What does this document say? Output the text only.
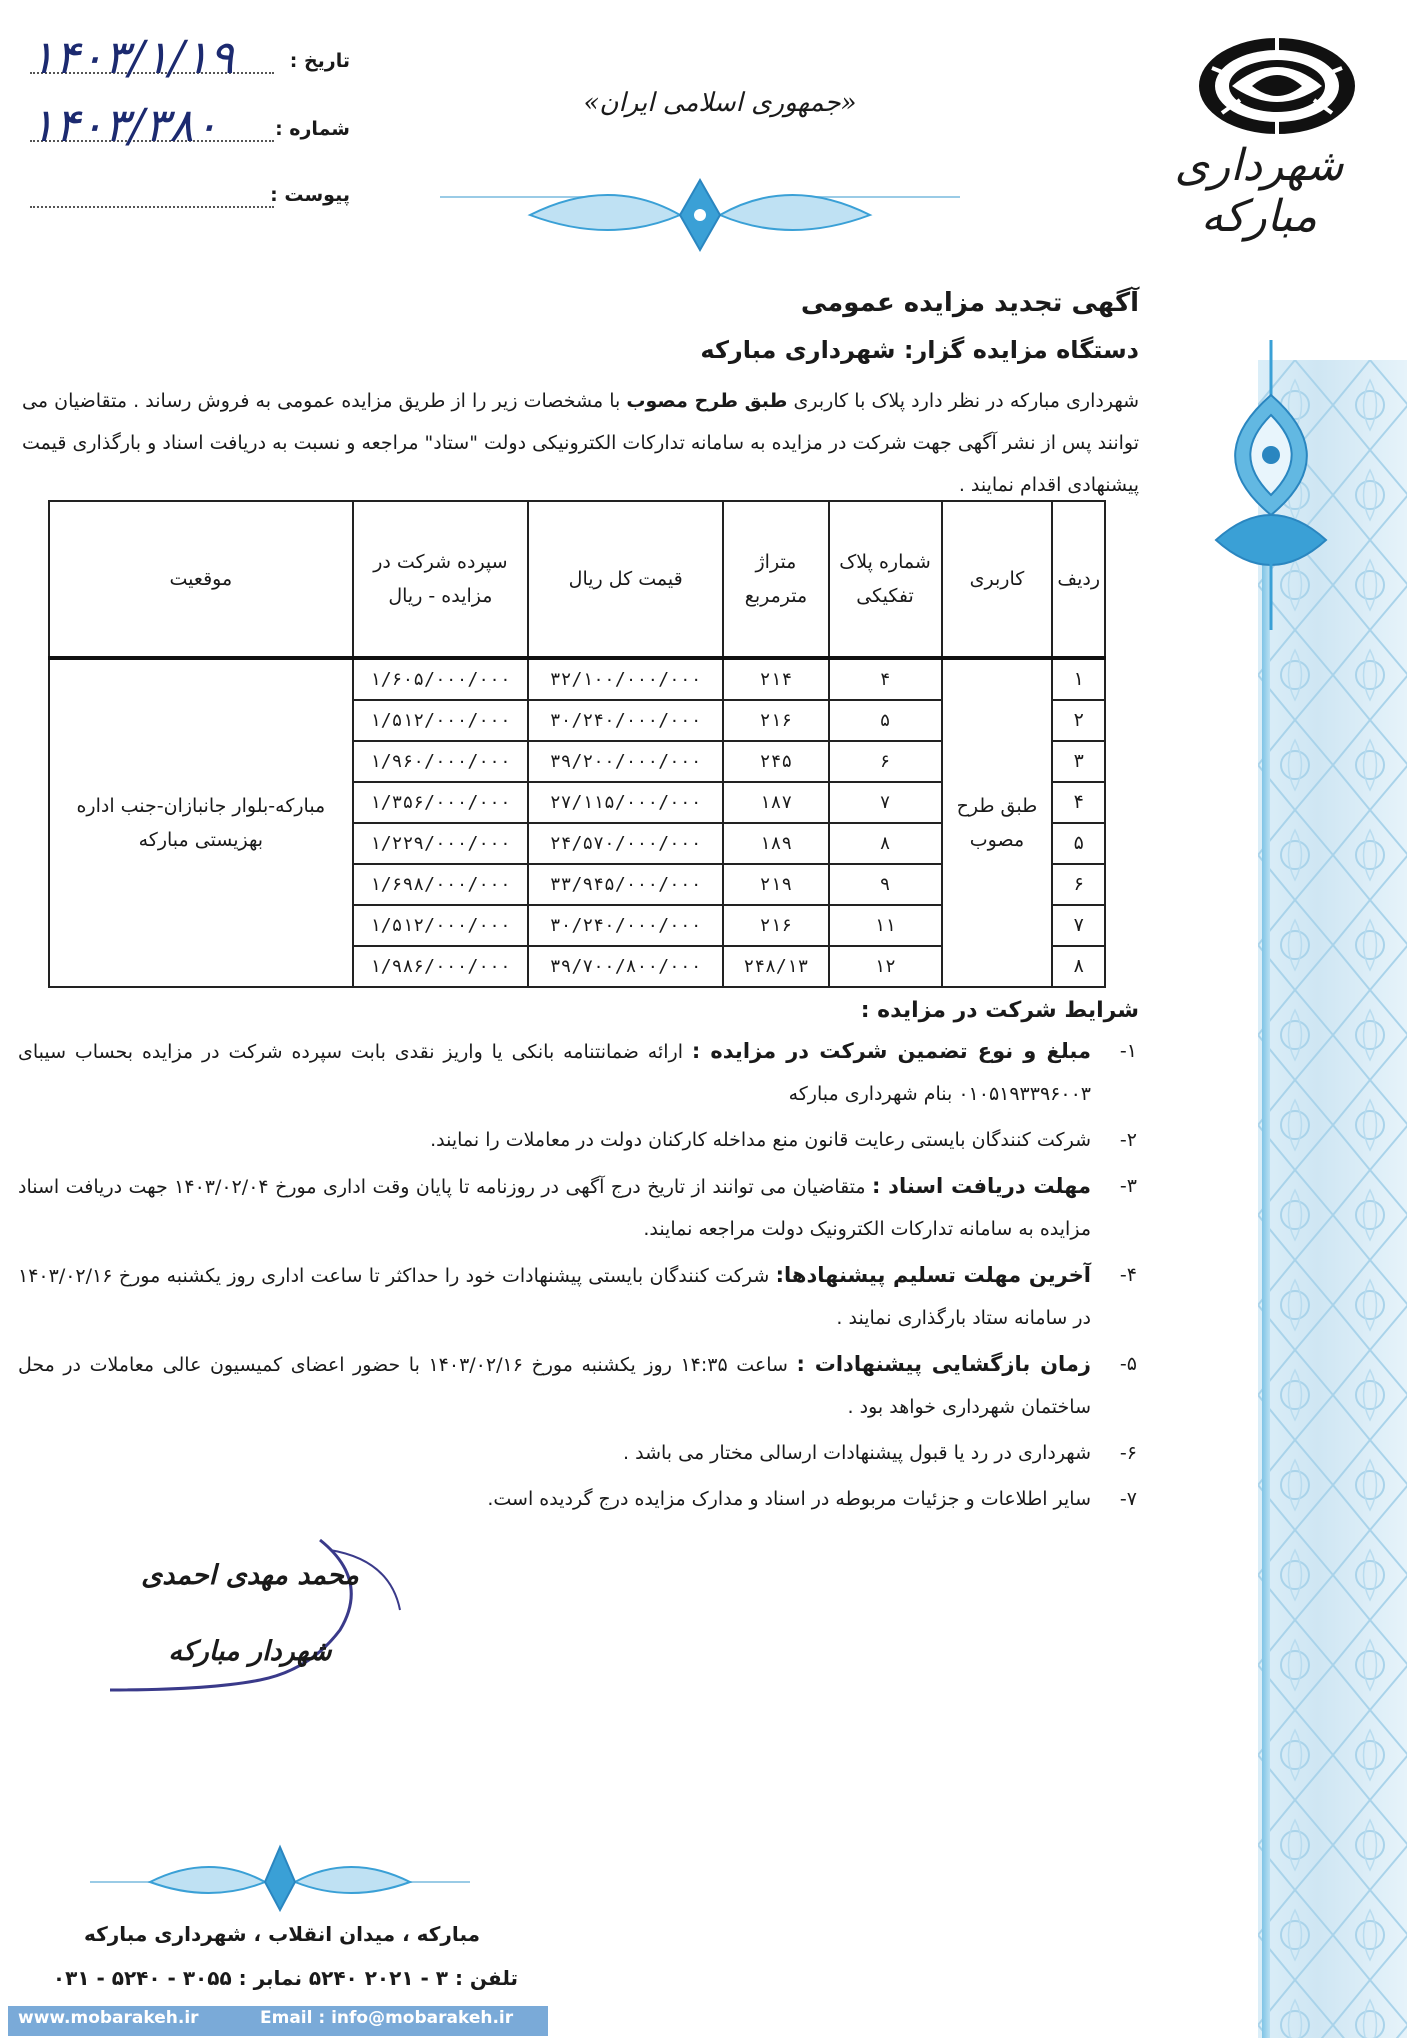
تاریخ :
۱۴۰۳/۱/۱۹
شماره :
۱۴۰۳/۳۸۰
پیوست :
«جمهوری اسلامی ایران»
شهرداری مبارکه
آگهی تجدید مزایده عمومی
دستگاه مزایده گزار: شهرداری مبارکه
شهرداری مبارکه در نظر دارد پلاک با کاربری طبق طرح مصوب با مشخصات زیر را از طریق مزایده عمومی به فروش رساند . متقاضیان می توانند پس از نشر آگهی جهت شرکت در مزایده به سامانه تدارکات الکترونیکی دولت "ستاد" مراجعه و نسبت به دریافت اسناد و بارگذاری قیمت پیشنهادی اقدام نمایند .
ردیف	کاربری	شماره پلاک تفکیکی	متراژ مترمربع	قیمت کل ریال	سپرده شرکت در مزایده - ریال	موقعیت
۱	طبق طرح مصوب	۴	۲۱۴	۳۲/۱۰۰/۰۰۰/۰۰۰	۱/۶۰۵/۰۰۰/۰۰۰	مبارکه-بلوار جانبازان-جنب اداره بهزیستی مبارکه
۲		۵	۲۱۶	۳۰/۲۴۰/۰۰۰/۰۰۰	۱/۵۱۲/۰۰۰/۰۰۰	
۳		۶	۲۴۵	۳۹/۲۰۰/۰۰۰/۰۰۰	۱/۹۶۰/۰۰۰/۰۰۰	
۴		۷	۱۸۷	۲۷/۱۱۵/۰۰۰/۰۰۰	۱/۳۵۶/۰۰۰/۰۰۰	
۵		۸	۱۸۹	۲۴/۵۷۰/۰۰۰/۰۰۰	۱/۲۲۹/۰۰۰/۰۰۰	
۶		۹	۲۱۹	۳۳/۹۴۵/۰۰۰/۰۰۰	۱/۶۹۸/۰۰۰/۰۰۰	
۷		۱۱	۲۱۶	۳۰/۲۴۰/۰۰۰/۰۰۰	۱/۵۱۲/۰۰۰/۰۰۰	
۸		۱۲	۲۴۸/۱۳	۳۹/۷۰۰/۸۰۰/۰۰۰	۱/۹۸۶/۰۰۰/۰۰۰	
شرایط شرکت در مزایده :
۱-
مبلغ و نوع تضمین شرکت در مزایده : ارائه ضمانتنامه بانکی یا واریز نقدی بابت سپرده شرکت در مزایده بحساب سیبای ۰۱۰۵۱۹۳۳۹۶۰۰۳ بنام شهرداری مبارکه
۲-
شرکت کنندگان بایستی رعایت قانون منع مداخله کارکنان دولت در معاملات را نمایند.
۳-
مهلت دریافت اسناد : متقاضیان می توانند از تاریخ درج آگهی در روزنامه تا پایان وقت اداری مورخ ۱۴۰۳/۰۲/۰۴ جهت دریافت اسناد مزایده به سامانه تدارکات الکترونیک دولت مراجعه نمایند.
۴-
آخرین مهلت تسلیم پیشنهادها: شرکت کنندگان بایستی پیشنهادات خود را حداکثر تا ساعت اداری روز یکشنبه مورخ ۱۴۰۳/۰۲/۱۶ در سامانه ستاد بارگذاری نمایند .
۵-
زمان بازگشایی پیشنهادات : ساعت ۱۴:۳۵ روز یکشنبه مورخ ۱۴۰۳/۰۲/۱۶ با حضور اعضای کمیسیون عالی معاملات در محل ساختمان شهرداری خواهد بود .
۶-
شهرداری در رد یا قبول پیشنهادات ارسالی مختار می باشد .
۷-
سایر اطلاعات و جزئیات مربوطه در اسناد و مدارک مزایده درج گردیده است.
محمد مهدی احمدی
شهردار مبارکه
مبارکه ، میدان انقلاب ، شهرداری مبارکه
تلفن : ۳ - ۲۰۲۱ ۵۲۴۰ نمابر : ۳۰۵۵ - ۵۲۴۰ - ۰۳۱
www.mobarakeh.ir	Email : info@mobarakeh.ir
